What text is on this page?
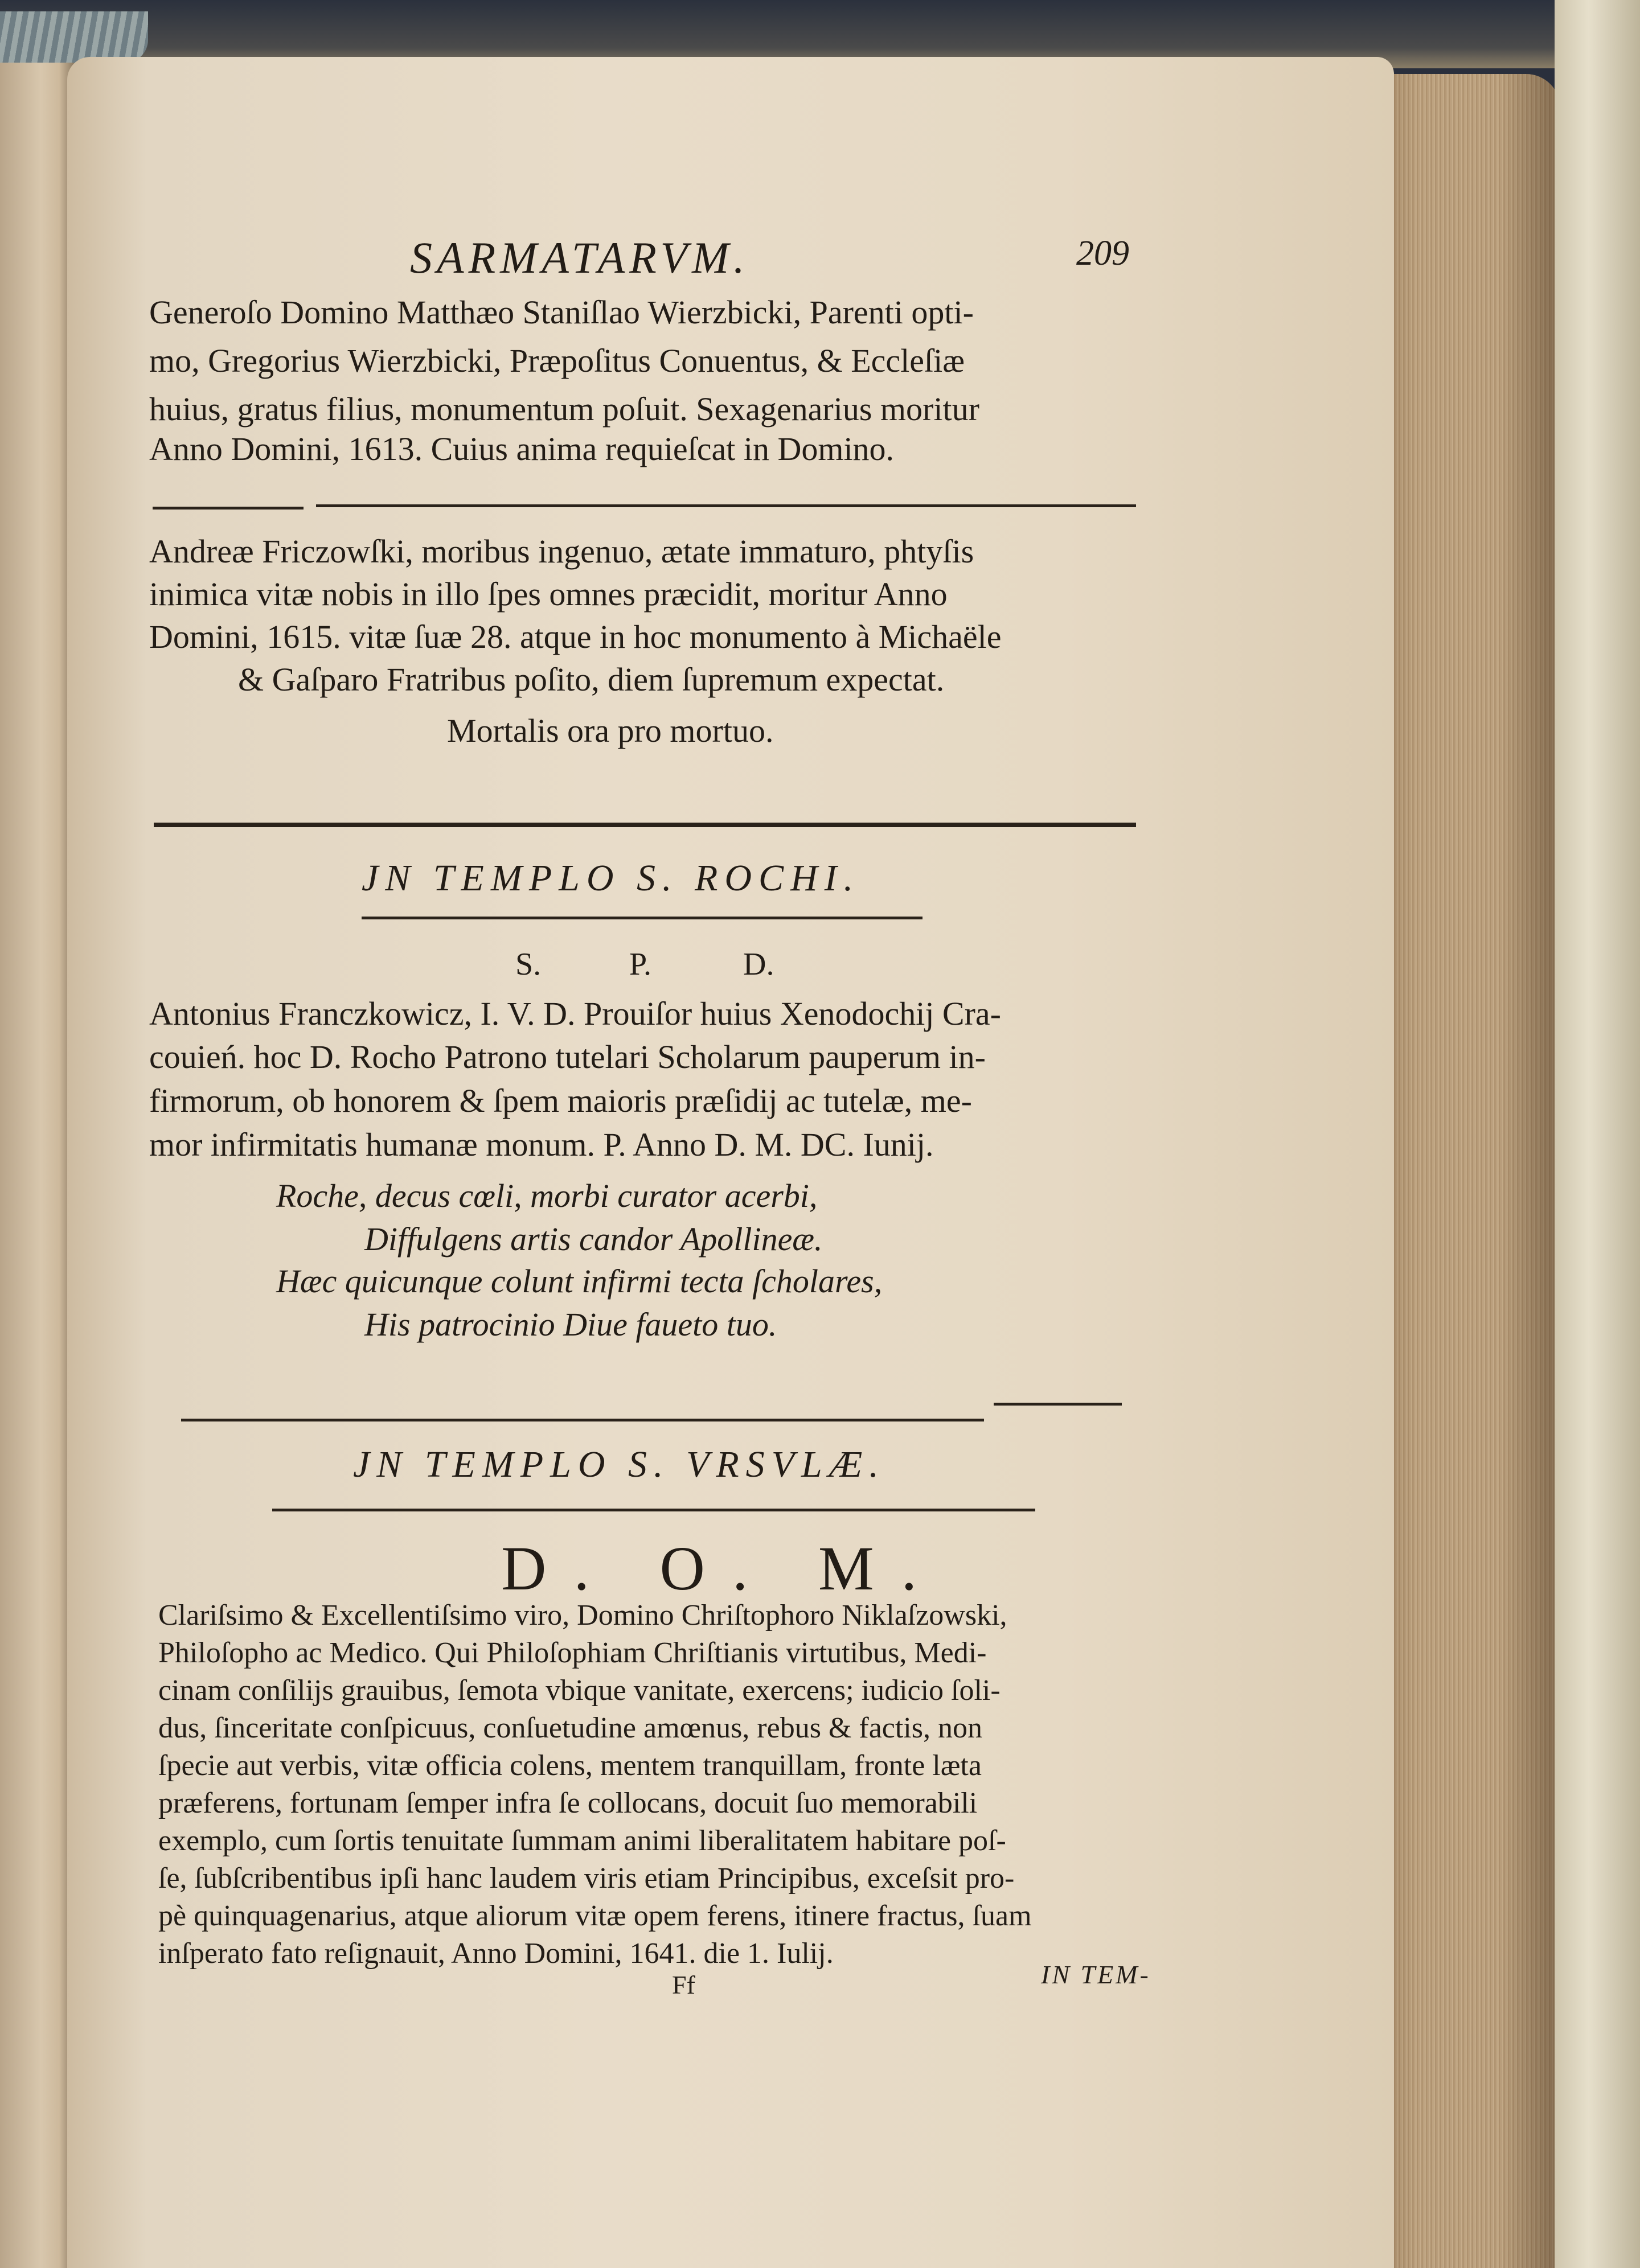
SARMATARVM.	209
Generoſo Domino Matthæo Staniſlao Wierzbicki, Parenti opti-
mo, Gregorius Wierzbicki, Præpoſitus Conuentus, & Eccleſiæ
huius, gratus filius, monumentum poſuit. Sexagenarius moritur
Anno Domini, 1613. Cuius anima requieſcat in Domino.
Andreæ Friczowſki, moribus ingenuo, ætate immaturo, phtyſis
inimica vitæ nobis in illo ſpes omnes præcidit, moritur Anno
Domini, 1615. vitæ ſuæ 28. atque in hoc monumento à Michaële
& Gaſparo Fratribus poſito, diem ſupremum expectat.
Mortalis ora pro mortuo.
JN TEMPLO S. ROCHI.
S.	P.	D.
Antonius Franczkowicz, I. V. D. Prouiſor huius Xenodochij Cra-
couień. hoc D. Rocho Patrono tutelari Scholarum pauperum in-
firmorum, ob honorem & ſpem maioris præſidij ac tutelæ, me-
mor infirmitatis humanæ monum. P. Anno D. M. DC. Iunij.
Roche, decus cœli, morbi curator acerbi,
Diffulgens artis candor Apollineæ.
Hæc quicunque colunt infirmi tecta ſcholares,
His patrocinio Diue faueto tuo.
JN TEMPLO S. VRSVLÆ.
D. O. M.
Clariſsimo & Excellentiſsimo viro, Domino Chriſtophoro Niklaſzowski,
Philoſopho ac Medico. Qui Philoſophiam Chriſtianis virtutibus, Medi-
cinam conſilijs grauibus, ſemota vbique vanitate, exercens; iudicio ſoli-
dus, ſinceritate conſpicuus, conſuetudine amœnus, rebus & factis, non
ſpecie aut verbis, vitæ officia colens, mentem tranquillam, fronte læta
præferens, fortunam ſemper infra ſe collocans, docuit ſuo memorabili
exemplo, cum ſortis tenuitate ſummam animi liberalitatem habitare poſ-
ſe, ſubſcribentibus ipſi hanc laudem viris etiam Principibus, exceſsit pro-
pè quinquagenarius, atque aliorum vitæ opem ferens, itinere fractus, ſuam
inſperato fato reſignauit, Anno Domini, 1641. die 1. Iulij.
Ff	IN TEM-
